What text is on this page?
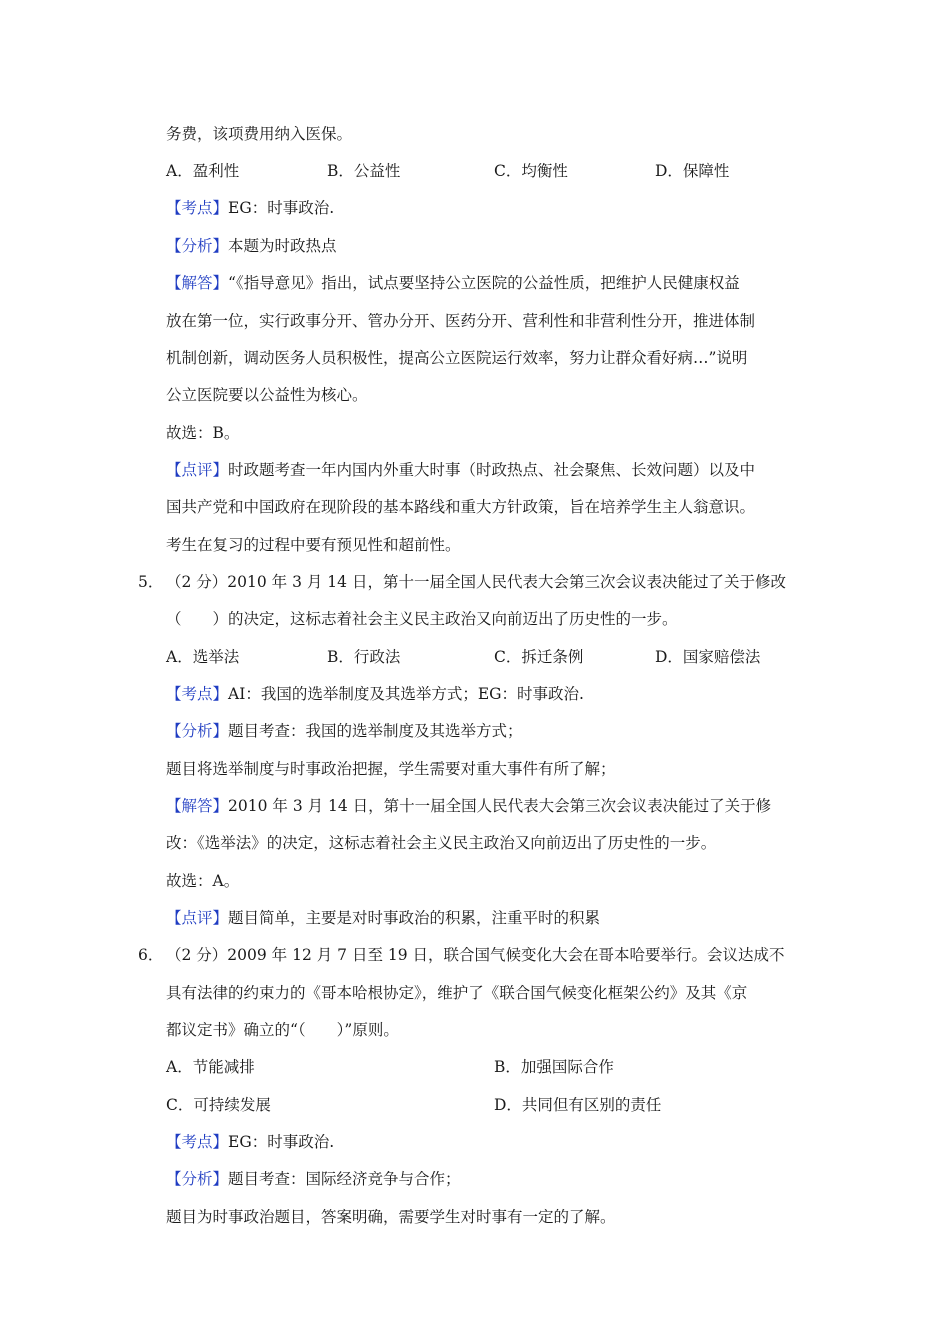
务费，该项费用纳入医保。
A．盈利性	B．公益性	C．均衡性	D．保障性
【考点】EG：时事政治.
【分析】本题为时政热点
【解答】“《指导意见》指出，试点要坚持公立医院的公益性质，把维护人民健康权益
放在第一位，实行政事分开、管办分开、医药分开、营利性和非营利性分开，推进体制
机制创新，调动医务人员积极性，提高公立医院运行效率，努力让群众看好病…”说明
公立医院要以公益性为核心。
故选：B。
【点评】时政题考查一年内国内外重大时事（时政热点、社会聚焦、长效问题）以及中
国共产党和中国政府在现阶段的基本路线和重大方针政策，旨在培养学生主人翁意识。
考生在复习的过程中要有预见性和超前性。
5． （2 分）2010 年 3 月 14 日，第十一届全国人民代表大会第三次会议表决能过了关于修改
（　　）的决定，这标志着社会主义民主政治又向前迈出了历史性的一步。
A．选举法	B．行政法	C．拆迁条例	D．国家赔偿法
【考点】AI：我国的选举制度及其选举方式；EG：时事政治.
【分析】题目考查：我国的选举制度及其选举方式；
题目将选举制度与时事政治把握，学生需要对重大事件有所了解；
【解答】2010 年 3 月 14 日，第十一届全国人民代表大会第三次会议表决能过了关于修
改：《选举法》的决定，这标志着社会主义民主政治又向前迈出了历史性的一步。
故选：A。
【点评】题目简单，主要是对时事政治的积累，注重平时的积累
6． （2 分）2009 年 12 月 7 日至 19 日，联合国气候变化大会在哥本哈要举行。会议达成不
具有法律的约束力的《哥本哈根协定》，维护了《联合国气候变化框架公约》及其《京
都议定书》确立的“（　　）”原则。
A．节能减排	B．加强国际合作
C．可持续发展	D．共同但有区别的责任
【考点】EG：时事政治.
【分析】题目考查：国际经济竞争与合作；
题目为时事政治题目，答案明确，需要学生对时事有一定的了解。
